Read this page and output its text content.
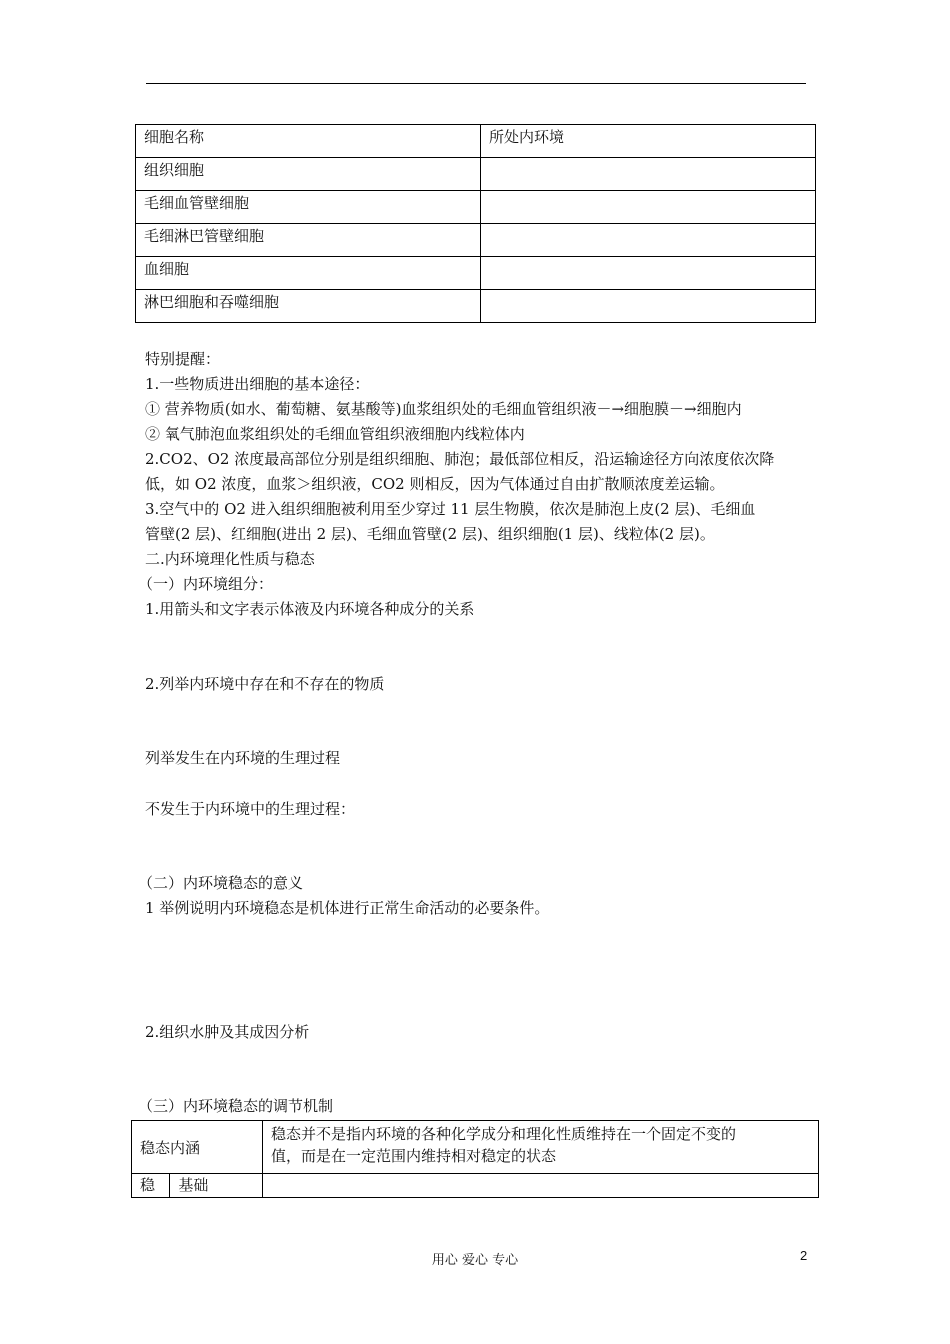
细胞名称	所处内环境
组织细胞	
毛细血管壁细胞	
毛细淋巴管壁细胞	
血细胞	
淋巴细胞和吞噬细胞	
特别提醒：
1.一些物质进出细胞的基本途径：
① 营养物质(如水、葡萄糖、氨基酸等)血浆组织处的毛细血管组织液－→细胞膜－→细胞内
② 氧气肺泡血浆组织处的毛细血管组织液细胞内线粒体内
2.CO2、O2 浓度最高部位分别是组织细胞、肺泡；最低部位相反，沿运输途径方向浓度依次降
低，如 O2 浓度，血浆＞组织液，CO2 则相反，因为气体通过自由扩散顺浓度差运输。
3.空气中的 O2 进入组织细胞被利用至少穿过 11 层生物膜，依次是肺泡上皮(2 层)、毛细血
管壁(2 层)、红细胞(进出 2 层)、毛细血管壁(2 层)、组织细胞(1 层)、线粒体(2 层)。
二.内环境理化性质与稳态
（一）内环境组分：
1.用箭头和文字表示体液及内环境各种成分的关系
2.列举内环境中存在和不存在的物质
列举发生在内环境的生理过程
不发生于内环境中的生理过程：
（二）内环境稳态的意义
1 举例说明内环境稳态是机体进行正常生命活动的必要条件。
2.组织水肿及其成因分析
（三）内环境稳态的调节机制
稳态内涵		稳态并不是指内环境的各种化学成分和理化性质维持在一个固定不变的
值，而是在一定范围内维持相对稳定的状态

稳	基础	
用心 爱心 专心	2
